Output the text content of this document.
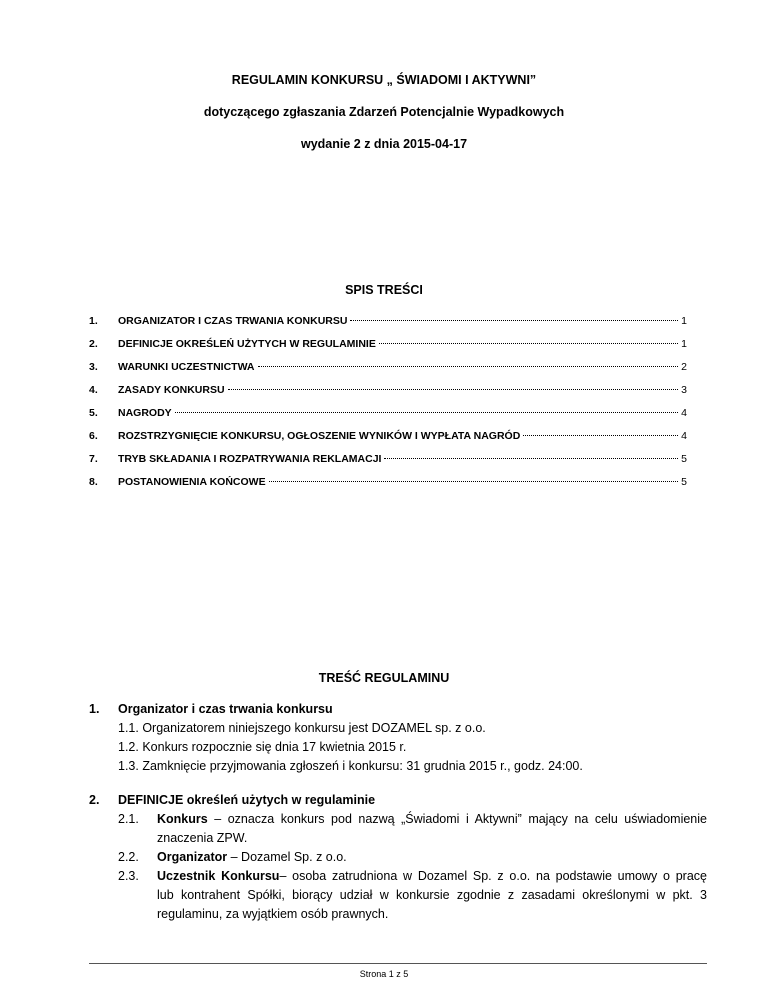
REGULAMIN KONKURSU „ ŚWIADOMI I AKTYWNI”
dotyczącego zgłaszania Zdarzeń Potencjalnie Wypadkowych
wydanie 2 z dnia 2015-04-17
SPIS TREŚCI
1.	ORGANIZATOR I CZAS TRWANIA KONKURSU	1
2.	DEFINICJE OKREŚLEŃ UŻYTYCH W REGULAMINIE	1
3.	WARUNKI UCZESTNICTWA	2
4.	ZASADY KONKURSU	3
5.	NAGRODY	4
6.	ROZSTRZYGNIĘCIE KONKURSU, OGŁOSZENIE WYNIKÓW I WYPŁATA NAGRÓD	4
7.	TRYB SKŁADANIA I ROZPATRYWANIA REKLAMACJI	5
8.	POSTANOWIENIA KOŃCOWE	5
TREŚĆ REGULAMINU
1. Organizator i czas trwania konkursu
1.1. Organizatorem niniejszego konkursu jest DOZAMEL sp. z o.o.
1.2. Konkurs rozpocznie się dnia 17 kwietnia 2015 r.
1.3. Zamknięcie przyjmowania zgłoszeń i konkursu: 31 grudnia 2015 r., godz. 24:00.
2. DEFINICJE określeń użytych w regulaminie
2.1. Konkurs – oznacza konkurs pod nazwą „Świadomi i Aktywni” mający na celu uświadomienie
znaczenia ZPW.
2.2. Organizator – Dozamel Sp. z o.o.
2.3. Uczestnik Konkursu– osoba zatrudniona w Dozamel Sp. z o.o. na podstawie umowy o pracę
lub kontrahent Spółki, biorący udział w konkursie zgodnie z zasadami określonymi w pkt. 3
regulaminu, za wyjątkiem osób prawnych.
Strona 1 z 5
